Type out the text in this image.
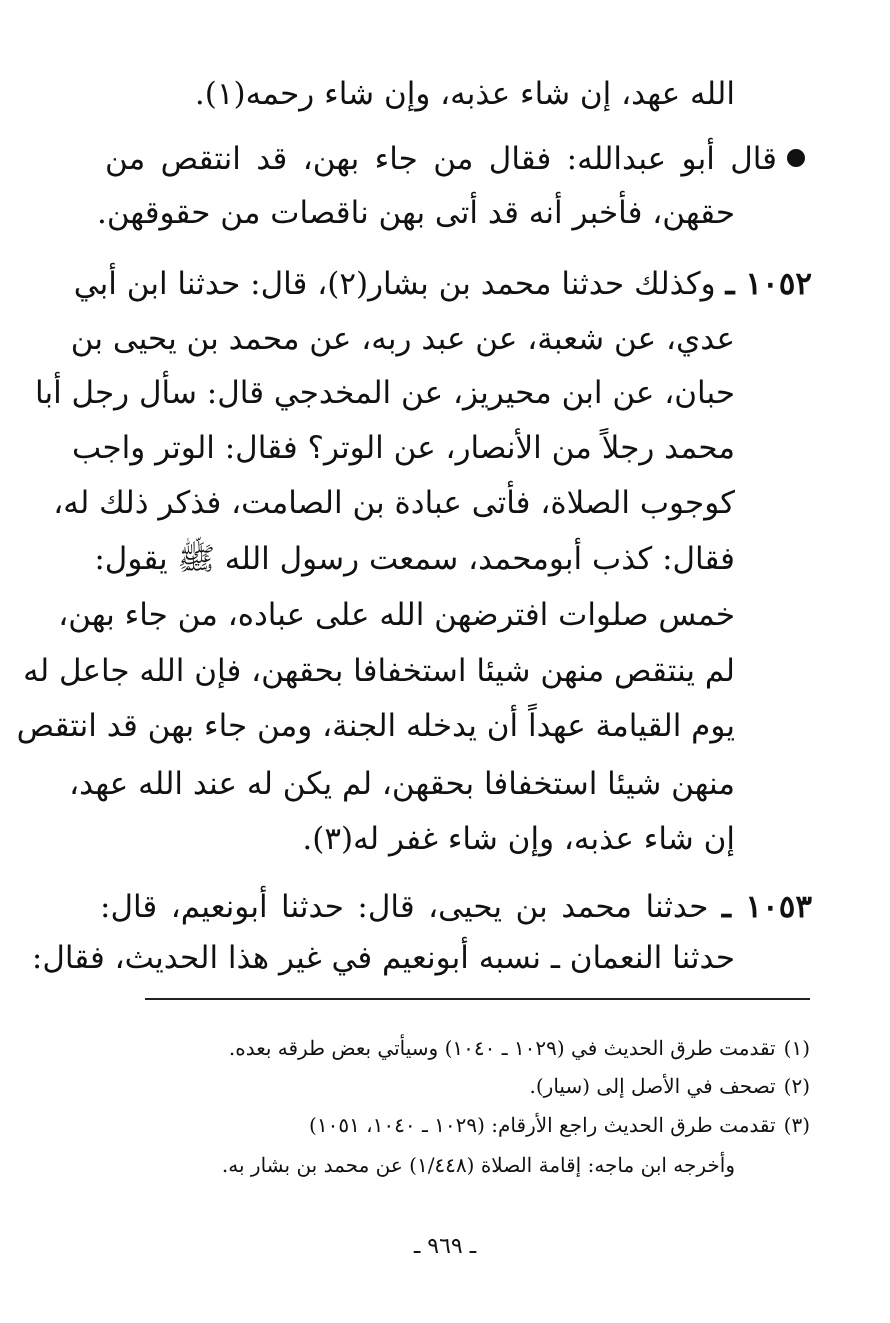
الله عهد، إن شاء عذبه، وإن شاء رحمه(١).
قال أبو عبدالله: فقال من جاء بهن، قد انتقص من
حقهن، فأخبر أنه قد أتى بهن ناقصات من حقوقهن.
١٠٥٢ ـ وكذلك حدثنا محمد بن بشار(٢)، قال: حدثنا ابن أبي
عدي، عن شعبة، عن عبد ربه، عن محمد بن يحيى بن
حبان، عن ابن محيريز، عن المخدجي قال: سأل رجل أبا
محمد رجلاً من الأنصار، عن الوتر؟ فقال: الوتر واجب
كوجوب الصلاة، فأتى عبادة بن الصامت، فذكر ذلك له،
فقال: كذب أبومحمد، سمعت رسول الله ﷺ يقول:
خمس صلوات افترضهن الله على عباده، من جاء بهن،
لم ينتقص منهن شيئا استخفافا بحقهن، فإن الله جاعل له
يوم القيامة عهداً أن يدخله الجنة، ومن جاء بهن قد انتقص
منهن شيئا استخفافا بحقهن، لم يكن له عند الله عهد،
إن شاء عذبه، وإن شاء غفر له(٣).
١٠٥٣ ـ حدثنا محمد بن يحيى، قال: حدثنا أبونعيم، قال:
حدثنا النعمان ـ نسبه أبونعيم في غير هذا الحديث، فقال:
(١)تقدمت طرق الحديث في (١٠٢٩ ـ ١٠٤٠) وسيأتي بعض طرقه بعده.
(٢)تصحف في الأصل إلى (سيار).
(٣)تقدمت طرق الحديث راجع الأرقام: (١٠٢٩ ـ ١٠٤٠، ١٠٥١)
وأخرجه ابن ماجه: إقامة الصلاة (١/٤٤٨) عن محمد بن بشار به.
ـ ٩٦٩ ـ
